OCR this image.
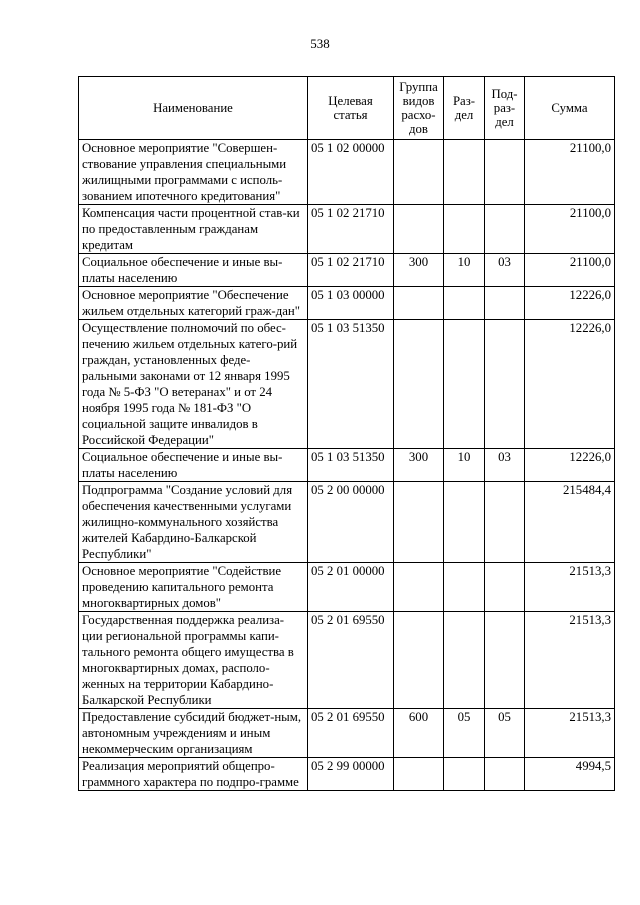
538
Наименование	Целевая статья	Группа видов расхо-дов	Раз-дел	Под-раз-дел	Сумма
Основное мероприятие "Совершен-ствование управления специальными жилищными программами с исполь-зованием ипотечного кредитования"	05 1 02 00000				21100,0
Компенсация части процентной став-ки по предоставленным гражданам кредитам	05 1 02 21710				21100,0
Социальное обеспечение и иные вы-платы населению	05 1 02 21710	300	10	03	21100,0
Основное мероприятие "Обеспечение жильем отдельных категорий граж-дан"	05 1 03 00000				12226,0
Осуществление полномочий по обес-печению жильем отдельных катего-рий граждан, установленных феде-ральными законами от 12 января 1995 года № 5-ФЗ "О ветеранах" и от 24 ноября 1995 года № 181-ФЗ "О социальной защите инвалидов в Российской Федерации"	05 1 03 51350				12226,0
Социальное обеспечение и иные вы-платы населению	05 1 03 51350	300	10	03	12226,0
Подпрограмма "Создание условий для обеспечения качественными услугами жилищно-коммунального хозяйства жителей Кабардино-Балкарской Республики"	05 2 00 00000				215484,4
Основное мероприятие "Содействие проведению капитального ремонта многоквартирных домов"	05 2 01 00000				21513,3
Государственная поддержка реализа-ции региональной программы капи-тального ремонта общего имущества в многоквартирных домах, располо-женных на территории Кабардино-Балкарской Республики	05 2 01 69550				21513,3
Предоставление субсидий бюджет-ным, автономным учреждениям и иным некоммерческим организациям	05 2 01 69550	600	05	05	21513,3
Реализация мероприятий общепро-граммного характера по подпро-грамме	05 2 99 00000				4994,5
